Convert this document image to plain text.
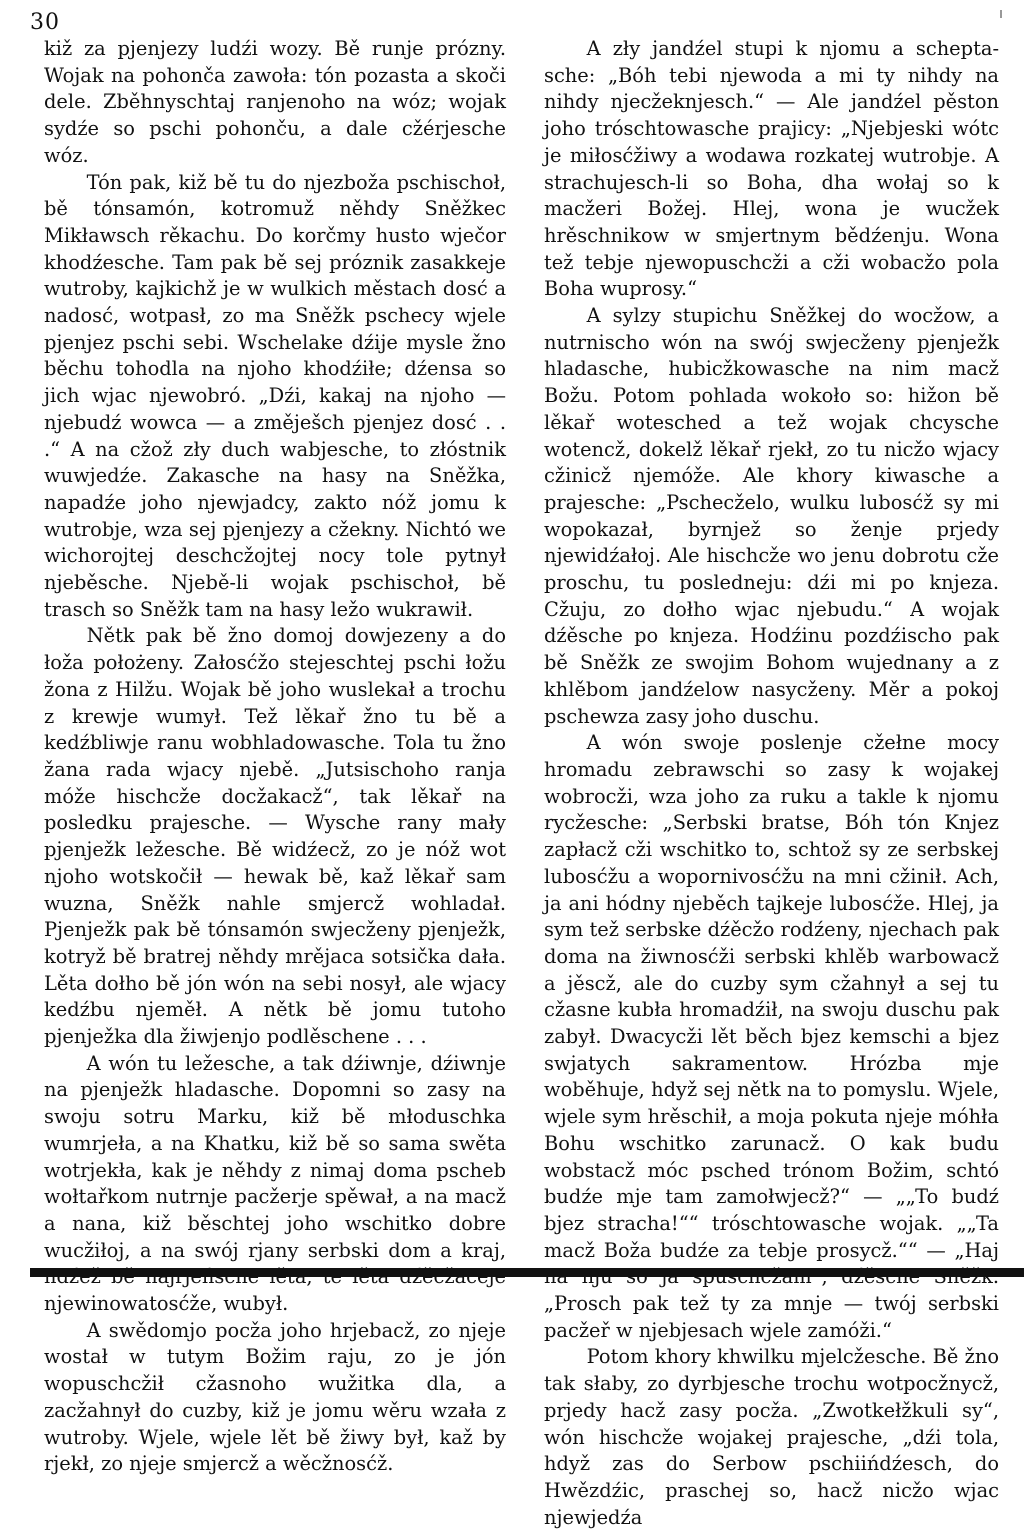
30

kiž za pjenjezy ludźi wozy. Bě runje prózny. Wojak na pohonča zawoła: tón pozasta a skoči dele. Zběhnyschtaj ranjenoho na wóz; wojak sydźe so pschi pohonču, a dale cžérjesche wóz.

Tón pak, kiž bě tu do njezboža pschischoł, bě tónsamón, kotromuž něhdy Sněžkec Mikławsch rěkachu. Do korčmy husto wječor khodźesche. Tam pak bě sej próznik zasakkeje wutroby, kajkichž je w wulkich městach dosć a nadosć, wotpasł, zo ma Sněžk pschecy wjele pjenjez pschi sebi. Wschelake dźije mysle žno běchu tohodla na njoho khodźiłe; dźensa so jich wjac njewobró. „Dźi, kakaj na njoho — njebudź wowca — a změješch pjenjez dosć . . .“ A na cžož zły duch wabjesche, to złóstnik wuwjedźe. Zakasche na hasy na Sněžka, napadźe joho njewjadcy, zakto nóž jomu k wutrobje, wza sej pjenjezy a cžekny. Nichtó we wichorojtej deschcžojtej nocy tole pytnył njeběsche. Njebě-li wojak pschischoł, bě trasch so Sněžk tam na hasy ležo wukrawił.

Nětk pak bě žno domoj dowjezeny a do łoža położeny. Załosćžo stejeschtej pschi łožu žona z Hilžu. Wojak bě joho wuslekał a trochu z krewje wumył. Tež lěkař žno tu bě a kedźbliwje ranu wobhladowasche. Tola tu žno žana rada wjacy njebě. „Jutsischoho ranja móže hischcže docžakacž“, tak lěkař na posledku prajesche. — Wysche rany mały pjenježk ležesche. Bě widźecž, zo je nóž wot njoho wotskočił — hewak bě, kaž lěkař sam wuzna, Sněžk nahle smjercž wohladał. Pjenježk pak bě tónsamón swjecženy pjenježk, kotryž bě bratrej něhdy mrějaca sotsička dała. Lěta dołho bě jón wón na sebi nosył, ale wjacy kedźbu njeměł. A nětk bě jomu tutoho pjenježka dla žiwjenjo podlěschene . . .

A wón tu ležesche, a tak dźiwnje, dźiwnje na pjenježk hladasche. Dopomni so zasy na swoju sotru Marku, kiž bě młoduschka wumrjeła, a na Khatku, kiž bě so sama swěta wotrjekła, kak je něhdy z nimaj doma pscheb wołtařkom nutrnje pacžerje spěwał, a na macž a nana, kiž běschtej joho wschitko dobre wucžiłoj, a na swój rjany serbski dom a kraj, njewinowatosćže, wubył.

A swědomjo pocža joho hrjebacž, zo njeje wostał w tutym Božim raju, zo je jón wopuschcžił cžasnoho wužitka dla, a zacžahnył do cuzby, kiž je jomu wěru wzała z wutroby. Wjele, wjele lět bě žiwy był, kaž by rjekł, zo njeje smjercž a wěcžnosćž.

A zły jandźel stupi k njomu a scheptasche: „Bóh tebi njewoda a mi ty nihdy na nihdy njecžeknjesch.“ — Ale jandźel pěston joho tróschtowasche prajicy: „Njebjeski wótc je miłosćžiwy a wodawa rozkatej wutrobje. A strachujesch-li so Boha, dha wołaj so k macžeri Božej. Hlej, wona je wucžek hrěschnikow w smjertnym bědźenju. Wona tež tebje njewopuschcži a cži wobacžo pola Boha wuprosy.“

A sylzy stupichu Sněžkej do wocžow, a nutrnischo wón na swój swjecženy pjenježk hladasche, hubicžkowasche na nim macž Božu. Potom pohlada wokoło so: hižon bě lěkař wotesched a tež wojak chcysche wotencž, dokelž lěkař rjekł, zo tu nicžo wjacy cžinicž njemóže. Ale khory kiwasche a prajesche: „Pschecželo, wulku lubosćž sy mi wopokazał, byrnjež so ženje prjedy njewidźałoj. Ale hischcže wo jenu dobrotu cže proschu, tu posledneju: dźi mi po knjeza. Cžuju, zo dołho wjac njebudu.“ A wojak dźěsche po knjeza. Hodźinu pozdźischo pak bě Sněžk ze swojim Bohom wujednany a z khlěbom jandźelow nasycženy. Měr a pokoj pschewza zasy joho duschu.

A wón swoje poslenje cžełne mocy hromadu zebrawschi so zasy k wojakej wobrocži, wza joho za ruku a takle k njomu rycžesche: „Serbski bratse, Bóh tón Knjez zapłacž cži wschitko to, schtož sy ze serbskej lubosćžu a wopornivosćžu na mni cžinił. Ach, ja ani hódny njeběch tajkeje lubosćže. Hlej, ja sym tež serbske dźěcžo rodźeny, njechach pak doma na žiwnosćži serbski khlěb warbowacž a jěscž, ale do cuzby sym cžahnył a sej tu cžasne kubła hromadźił, na swoju duschu pak zabył. Dwacycži lět běch bjez kemschi a bjez swjatych sakramentow. Hrózba mje woběhuje, hdyž sej nětk na to pomyslu. Wjele, wjele sym hrěschił, a moja pokuta njeje móhła Bohu wschitko zarunacž. O kak budu wobstacž móc psched trónom Božim, schtó budźe mje tam zamołwjecž?“ — „„To budź bjez stracha!““ tróschtowasche wojak. „„Ta macž Boža budźe za tebje prosycž.““ — „Haj „Prosch pak tež ty za mnje — twój serbski pacžeř w njebjesach wjele zamóži.“

Potom khory khwilku mjelcžesche. Bě žno tak słaby, zo dyrbjesche trochu wotpocžnycž, prjedy hacž zasy pocža. „Zwotkełžkuli sy“, wón hischcže wojakej prajesche, „dźi tola, hdyž zas do Serbow pschiińdźesch, do Hwězdźic, praschej so, hacž nicžo wjac njewjedźa
